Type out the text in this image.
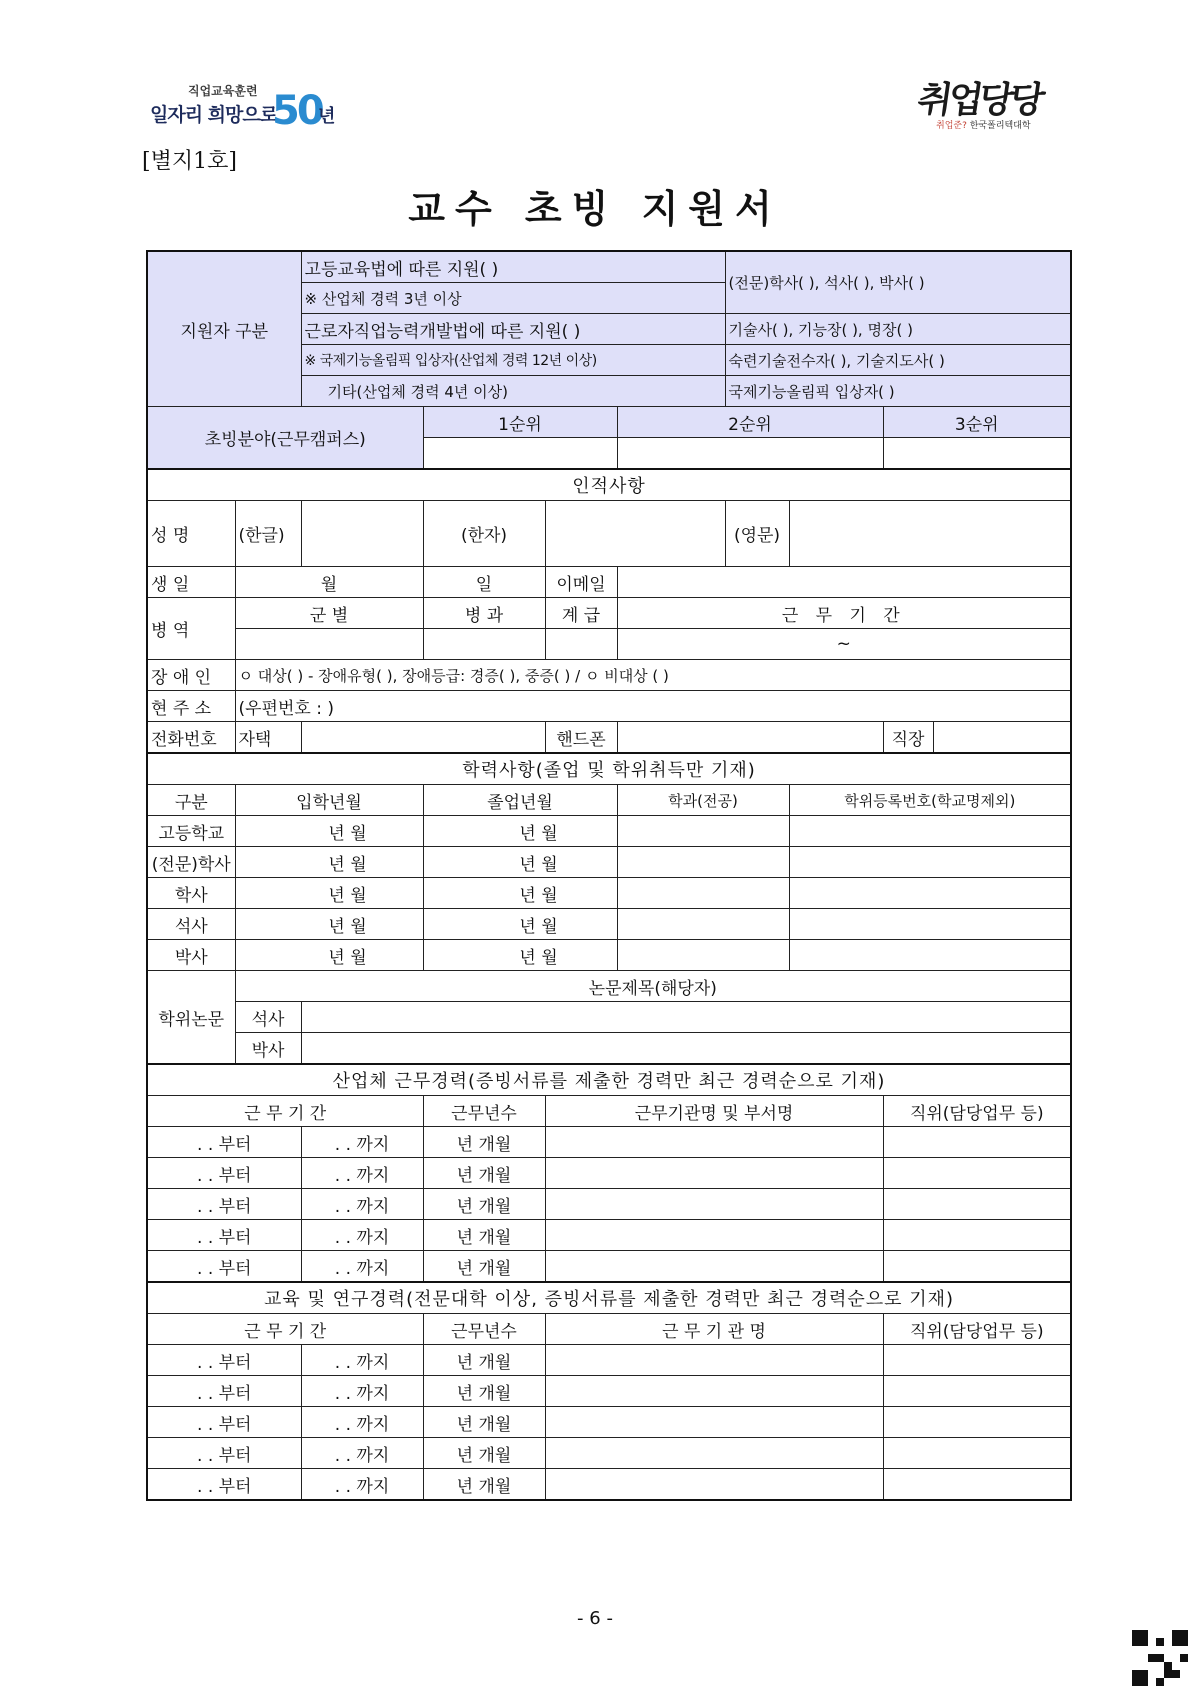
직업교육훈련
일자리 희망으로
50
년	취업당당
취업준? 한국폴리텍대학
[별지1호]
교수 초빙 지원서
지원자 구분		고등교육법에 따른 지원( )				(전문)학사( ), 석사( ), 박사( )			
		※ 산업체 경력 3년 이상							
		근로자직업능력개발법에 따른 지원( )				기술사( ), 기능장( ), 명장( )			
		※ 국제기능올림픽 입상자(산업체 경력 12년 이상)				숙련기술전수자( ), 기술지도사( )			
		기타(산업체 경력 4년 이상)				국제기능올림픽 입상자( )			
초빙분야(근무캠퍼스)			1순위		2순위			3순위	

인적사항									
성 명	(한글)		(한자)			(영문)			
생 일	월		일	이메일					
병 역	군 별		병 과	계 급	근 무 기 간				
					~				
장 애 인	ㅇ 대상( ) - 장애유형( ), 장애등급: 경증( ), 중증( ) / ㅇ 비대상 ( )								
현 주 소	(우편번호 : )								
전화번호	자택			핸드폰				직장	
학력사항(졸업 및 학위취득만 기재)									
구분	입학년월		졸업년월		학과(전공)		학위등록번호(학교명제외)		
고등학교	년 월		년 월						
(전문)학사	년 월		년 월						
학사	년 월		년 월						
석사	년 월		년 월						
박사	년 월		년 월						
학위논문	논문제목(해당자)								
	석사								
	박사								
산업체 근무경력(증빙서류를 제출한 경력만 최근 경력순으로 기재)									
근 무 기 간			근무년수	근무기관명 및 부서명				직위(담당업무 등)	
. . 부터		. . 까지	년 개월						
. . 부터		. . 까지	년 개월						
. . 부터		. . 까지	년 개월						
. . 부터		. . 까지	년 개월						
. . 부터		. . 까지	년 개월						
교육 및 연구경력(전문대학 이상, 증빙서류를 제출한 경력만 최근 경력순으로 기재)									
근 무 기 간			근무년수	근 무 기 관 명				직위(담당업무 등)	
. . 부터		. . 까지	년 개월						
. . 부터		. . 까지	년 개월						
. . 부터		. . 까지	년 개월						
. . 부터		. . 까지	년 개월						
. . 부터		. . 까지	년 개월						
- 6 -
